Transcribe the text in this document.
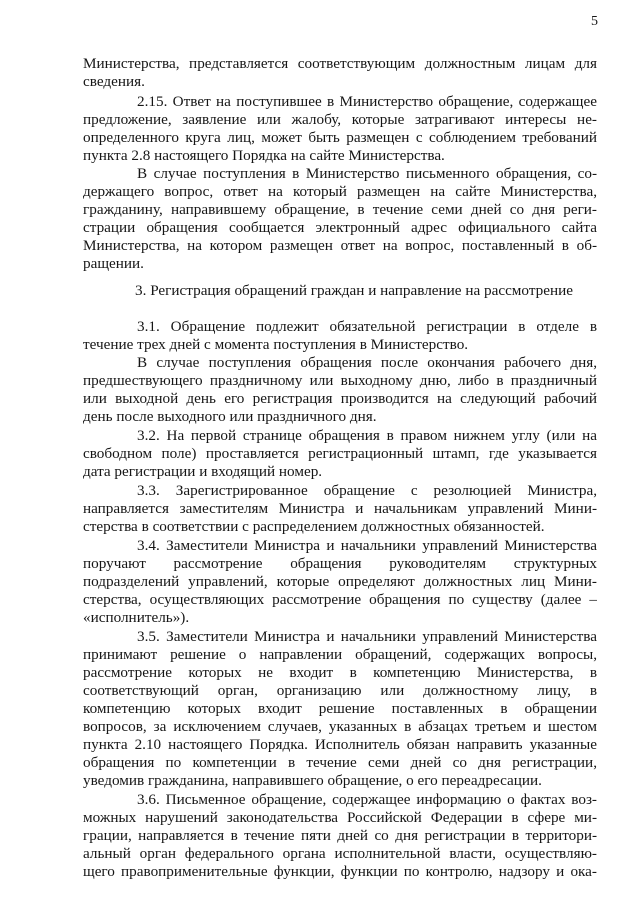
5
Министерства, представляется соответствующим должностным лицам для
сведения.
2.15. Ответ на поступившее в Министерство обращение, содержащее
предложение, заявление или жалобу, которые затрагивают интересы не-
определенного круга лиц, может быть размещен с соблюдением требований
пункта 2.8 настоящего Порядка на сайте Министерства.
В случае поступления в Министерство письменного обращения, со-
держащего вопрос, ответ на который размещен на сайте Министерства,
гражданину, направившему обращение, в течение семи дней со дня реги-
страции обращения сообщается электронный адрес официального сайта
Министерства, на котором размещен ответ на вопрос, поставленный в об-
ращении.
3. Регистрация обращений граждан и направление на рассмотрение
3.1. Обращение подлежит обязательной регистрации в отделе в
течение трех дней с момента поступления в Министерство.
В случае поступления обращения после окончания рабочего дня,
предшествующего праздничному или выходному дню, либо в праздничный
или выходной день его регистрация производится на следующий рабочий
день после выходного или праздничного дня.
3.2. На первой странице обращения в правом нижнем углу (или на
свободном поле) проставляется регистрационный штамп, где указывается
дата регистрации и входящий номер.
3.3. Зарегистрированное обращение с резолюцией Министра,
направляется заместителям Министра и начальникам управлений Мини-
стерства в соответствии с распределением должностных обязанностей.
3.4. Заместители Министра и начальники управлений Министерства
поручают рассмотрение обращения руководителям структурных
подразделений управлений, которые определяют должностных лиц Мини-
стерства, осуществляющих рассмотрение обращения по существу (далее –
«исполнитель»).
3.5. Заместители Министра и начальники управлений Министерства
принимают решение о направлении обращений, содержащих вопросы,
рассмотрение которых не входит в компетенцию Министерства, в
соответствующий орган, организацию или должностному лицу, в
компетенцию которых входит решение поставленных в обращении
вопросов, за исключением случаев, указанных в абзацах третьем и шестом
пункта 2.10 настоящего Порядка. Исполнитель обязан направить указанные
обращения по компетенции в течение семи дней со дня регистрации,
уведомив гражданина, направившего обращение, о его переадресации.
3.6. Письменное обращение, содержащее информацию о фактах воз-
можных нарушений законодательства Российской Федерации в сфере ми-
грации, направляется в течение пяти дней со дня регистрации в территори-
альный орган федерального органа исполнительной власти, осуществляю-
щего правоприменительные функции, функции по контролю, надзору и ока-
